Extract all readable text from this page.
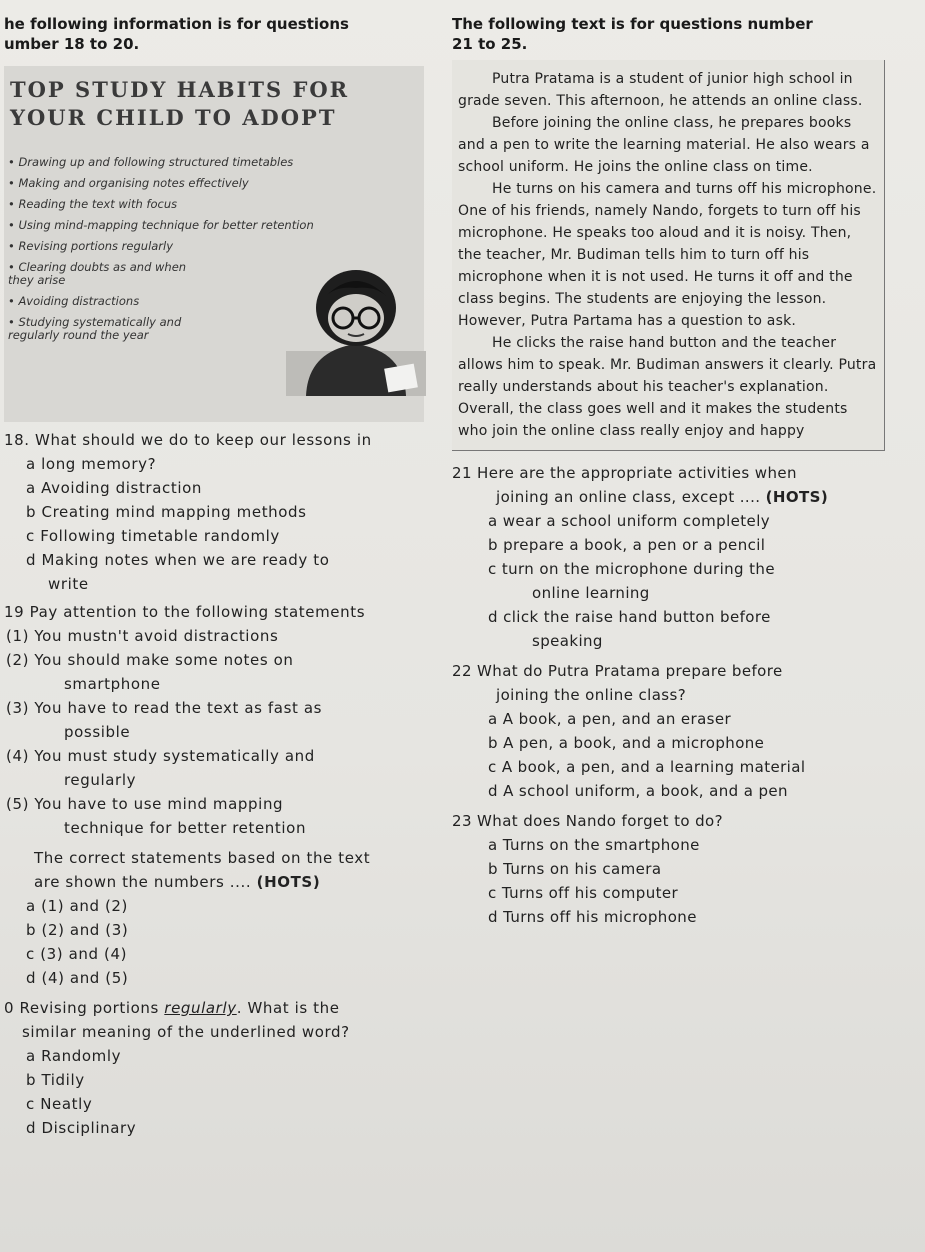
he following information is for questions
umber 18 to 20.
TOP STUDY HABITS FOR
YOUR CHILD TO ADOPT
• Drawing up and following structured timetables
• Making and organising notes effectively
• Reading the text with focus
• Using mind-mapping technique for better retention
• Revising portions regularly
• Clearing doubts as and when they arise
• Avoiding distractions
• Studying systematically and regularly round the year
18. What should we do to keep our lessons in
a long memory?
a Avoiding distraction
b Creating mind mapping methods
c Following timetable randomly
d Making notes when we are ready to
write
19 Pay attention to the following statements
(1) You mustn't avoid distractions
(2) You should make some notes on
smartphone
(3) You have to read the text as fast as
possible
(4) You must study systematically and
regularly
(5) You have to use mind mapping
technique for better retention
The correct statements based on the text
are shown the numbers .... (HOTS)
a (1) and (2)
b (2) and (3)
c (3) and (4)
d (4) and (5)
0 Revising portions regularly. What is the
similar meaning of the underlined word?
a Randomly
b Tidily
c Neatly
d Disciplinary
The following text is for questions number
21 to 25.

Putra Pratama is a student of junior high school in grade seven. This afternoon, he attends an online class.

Before joining the online class, he prepares books and a pen to write the learning material. He also wears a school uniform. He joins the online class on time.

He turns on his camera and turns off his microphone. One of his friends, namely Nando, forgets to turn off his microphone. He speaks too aloud and it is noisy. Then, the teacher, Mr. Budiman tells him to turn off his microphone when it is not used. He turns it off and the class begins. The students are enjoying the lesson. However, Putra Partama has a question to ask.

He clicks the raise hand button and the teacher allows him to speak. Mr. Budiman answers it clearly. Putra really understands about his teacher's explanation. Overall, the class goes well and it makes the students who join the online class really enjoy and happy

21 Here are the appropriate activities when
joining an online class, except .... (HOTS)
a wear a school uniform completely
b prepare a book, a pen or a pencil
c turn on the microphone during the
online learning
d click the raise hand button before
speaking
22 What do Putra Pratama prepare before
joining the online class?
a A book, a pen, and an eraser
b A pen, a book, and a microphone
c A book, a pen, and a learning material
d A school uniform, a book, and a pen
23 What does Nando forget to do?
a Turns on the smartphone
b Turns on his camera
c Turns off his computer
d Turns off his microphone
